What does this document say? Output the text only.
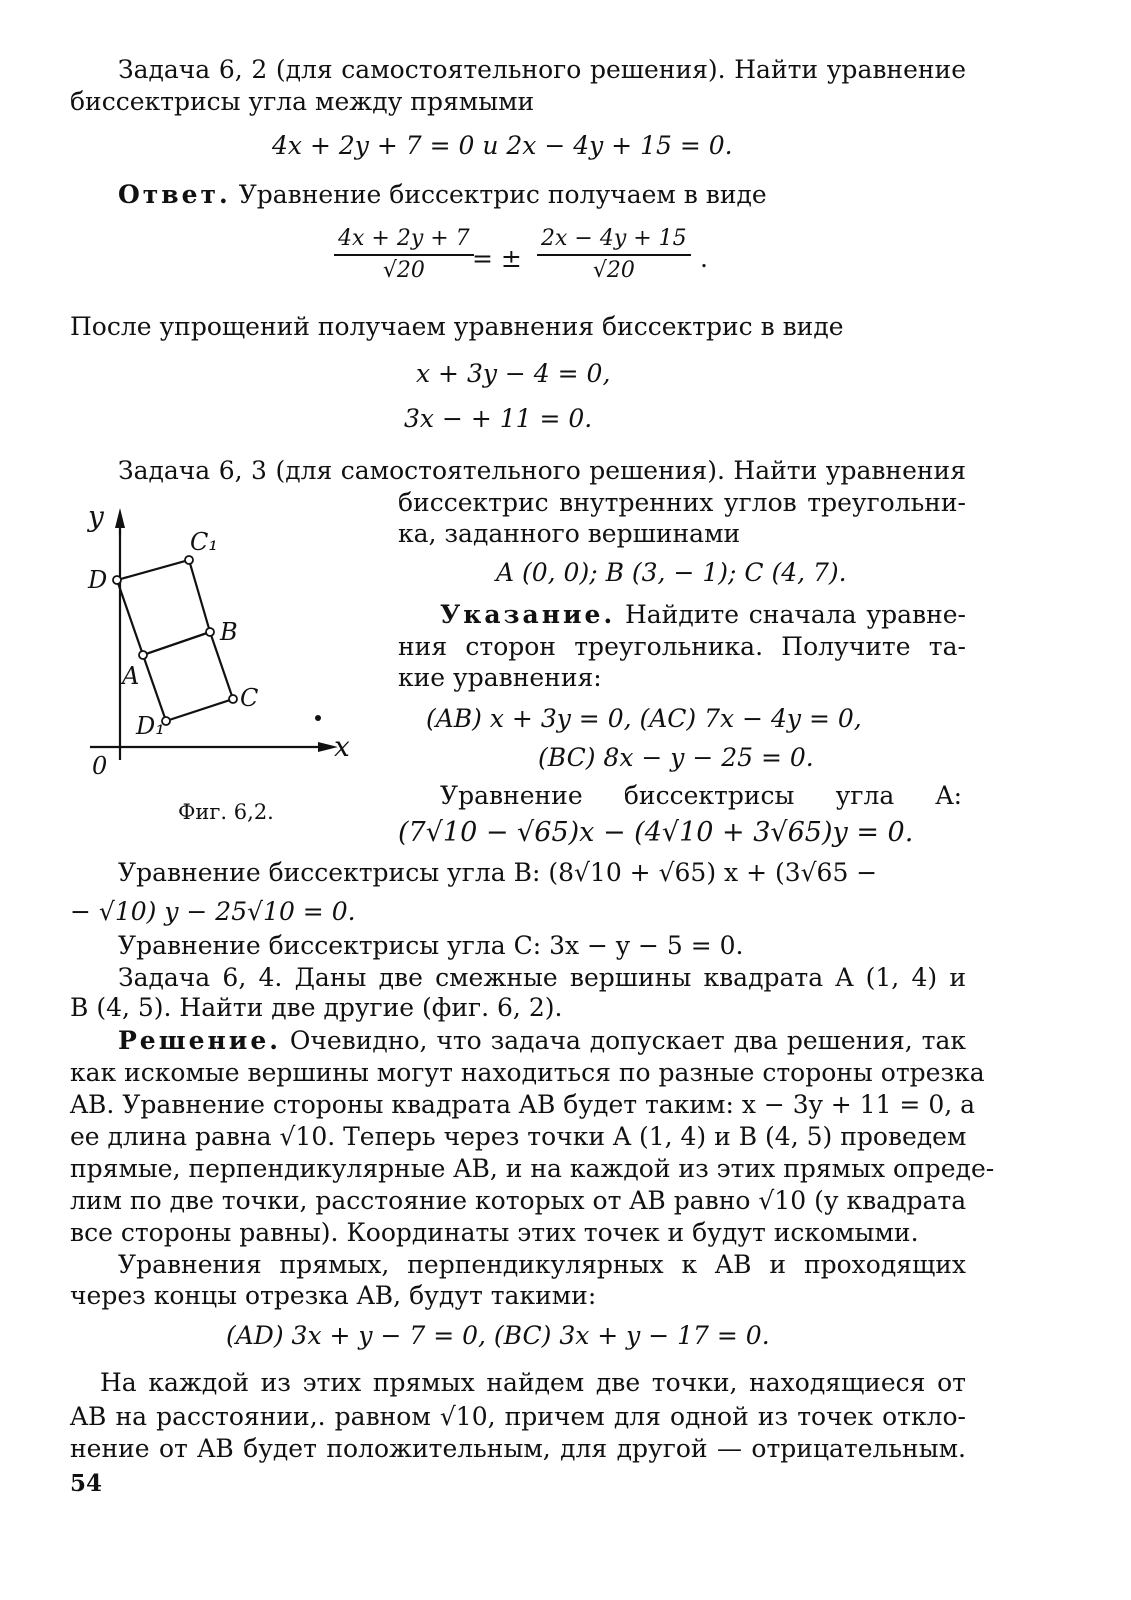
Задача 6, 2 (для самостоятельного решения). Найти уравнение
биссектрисы угла между прямыми
4x + 2y + 7 = 0 и 2x − 4y + 15 = 0.
Ответ. Уравнение биссектрис получаем в виде
4x + 2y + 7
√20	= ±
2x − 4y + 15
√20	.
После упрощений получаем уравнения биссектрис в виде
x + 3y − 4 = 0,
3x − + 11 = 0.
Задача 6, 3 (для самостоятельного решения). Найти уравнения
биссектрис внутренних углов треугольни-
ка, заданного вершинами
A (0, 0); B (3, − 1); C (4, 7).
Указание. Найдите сначала уравне-
ния сторон треугольника. Получите та-
кие уравнения:
(AB) x + 3y = 0, (AC) 7x − 4y = 0,
(BC) 8x − y − 25 = 0.
Уравнение биссектрисы угла A:
(7√10 − √65)x − (4√10 + 3√65)y = 0.
Уравнение биссектрисы угла B: (8√10 + √65) x + (3√65 −
− √10) y − 25√10 = 0.
Уравнение биссектрисы угла C: 3x − y − 5 = 0.
y
x
0
D
C₁
B
A
C
D₁
Фиг. 6,2.
Задача 6, 4. Даны две смежные вершины квадрата A (1, 4) и
B (4, 5). Найти две другие (фиг. 6, 2).
Решение. Очевидно, что задача допускает два решения, так
как искомые вершины могут находиться по разные стороны отрезка
AB. Уравнение стороны квадрата AB будет таким: x − 3y + 11 = 0, а
ее длина равна √10. Теперь через точки A (1, 4) и B (4, 5) проведем
прямые, перпендикулярные AB, и на каждой из этих прямых опреде-
лим по две точки, расстояние которых от AB равно √10 (у квадрата
все стороны равны). Координаты этих точек и будут искомыми.
Уравнения прямых, перпендикулярных к AB и проходящих
через концы отрезка AB, будут такими:
(AD) 3x + y − 7 = 0, (BC) 3x + y − 17 = 0.
На каждой из этих прямых найдем две точки, находящиеся от
AB на расстоянии,. равном √10, причем для одной из точек откло-
нение от AB будет положительным, для другой — отрицательным.
54
